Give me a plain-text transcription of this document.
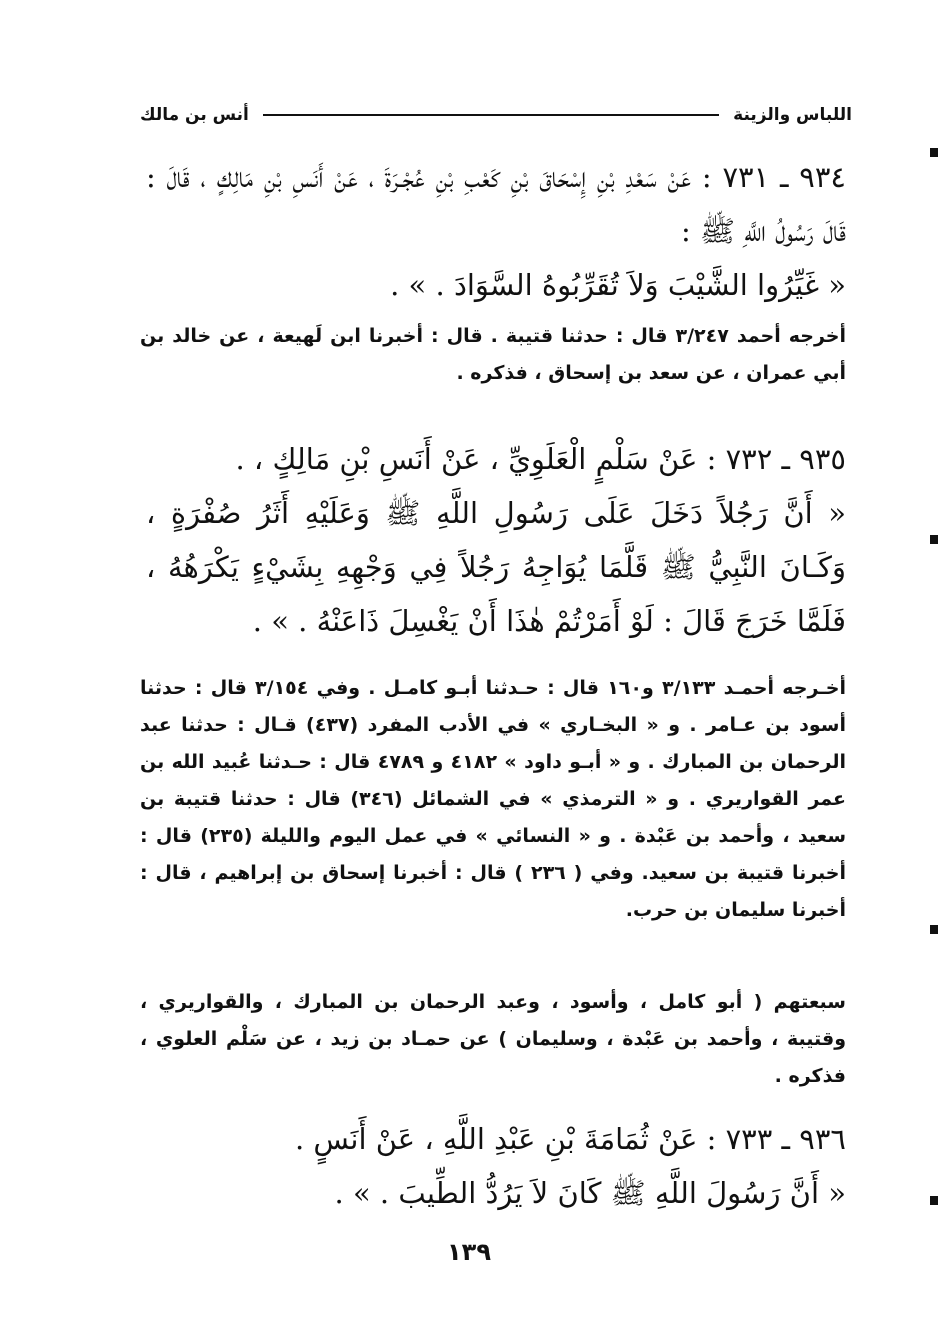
اللباس والزينة
أنس بن مالك

٩٣٤ ـ ٧٣١ : عَنْ سَعْدِ بْنِ إِسْحَاقَ بْنِ كَعْبِ بْنِ عُجْـرَةَ ، عَنْ أَنَسِ بْنِ مَالِكٍ ، قَالَ : قَالَ رَسُولُ اللَّهِ ﷺ :

« غَيِّرُوا الشَّيْبَ وَلاَ تُقَرِّبُوهُ السَّوَادَ . » .

أخرجه أحمد ٣/٢٤٧ قال : حدثنا قتيبة . قال : أخبرنا ابن لَهيعة ، عن خالد بن أبي عمران ، عن سعد بن إسحاق ، فذكره .

٩٣٥ ـ ٧٣٢ : عَنْ سَلْمٍ الْعَلَوِيِّ ، عَنْ أَنَسِ بْنِ مَالِكٍ ، .

« أَنَّ رَجُلاً دَخَلَ عَلَى رَسُولِ اللَّهِ ﷺ وَعَلَيْهِ أَثَرُ صُفْرَةٍ ، وَكَـانَ النَّبِيُّ ﷺ قَلَّمَا يُوَاجِهُ رَجُلاً فِي وَجْهِهِ بِشَيْءٍ يَكْرَهُهُ ، فَلَمَّا خَرَجَ قَالَ : لَوْ أَمَرْتُمْ هٰذَا أَنْ يَغْسِلَ ذَاعَنْهُ . » .

أخـرجه أحمـد ٣/١٣٣ و١٦٠ قال : حـدثنا أبـو كامـل . وفي ٣/١٥٤ قال : حدثنا أسود بن عـامر . و « البخـاري » في الأدب المفرد (٤٣٧) قـال : حدثنا عبد الرحمان بن المبارك . و « أبـو داود » ٤١٨٢ و ٤٧٨٩ قال : حـدثنا عُبيد الله بن عمر القواريري . و « الترمذي » في الشمائل (٣٤٦) قال : حدثنا قتيبة بن سعيد ، وأحمد بن عَبْدة . و « النسائي » في عمل اليوم والليلة (٢٣٥) قال : أخبرنا قتيبة بن سعيد. وفي ( ٢٣٦ ) قال : أخبرنا إسحاق بن إبراهيم ، قال : أخبرنا سليمان بن حرب.
سبعتهم ( أبو كامل ، وأسود ، وعبد الرحمان بن المبارك ، والقواريري ، وقتيبة ، وأحمد بن عَبْدة ، وسليمان ) عن حمـاد بن زيد ، عن سَلْم العلوي ، فذكره .

٩٣٦ ـ ٧٣٣ : عَنْ ثُمَامَةَ بْنِ عَبْدِ اللَّهِ ، عَنْ أَنَسٍ .

« أَنَّ رَسُولَ اللَّهِ ﷺ كَانَ لاَ يَرُدُّ الطِّيبَ . » .

١٣٩
